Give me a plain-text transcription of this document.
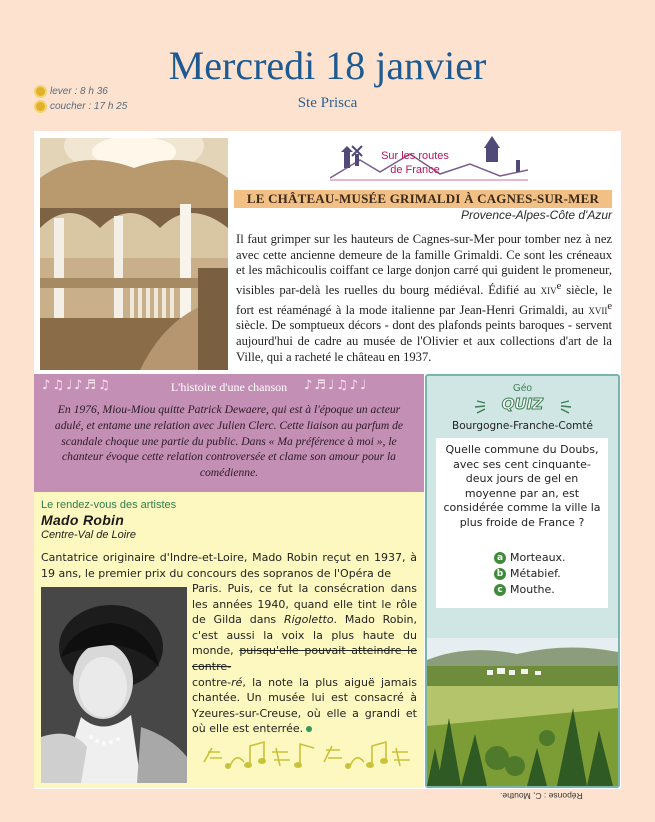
Mercredi 18 janvier
lever : 8 h 36
coucher : 17 h 25	Ste Prisca
Sur les routes
de France
LE CHÂTEAU-MUSÉE GRIMALDI À CAGNES-SUR-MER
Provence-Alpes-Côte d'Azur
Il faut grimper sur les hauteurs de Cagnes-sur-Mer pour tomber nez à nez avec cette ancienne demeure de la famille Grimaldi. Ce sont les créneaux et les mâchicoulis coiffant ce large donjon carré qui guident le promeneur, visibles par-delà les ruelles du bourg médiéval. Édifié au xiv$^e$ siècle, le fort est réaménagé à la mode italienne par Jean-Henri Grimaldi, au xvii$^e$ siècle. De somptueux décors - dont des plafonds peints baroques - servent aujourd'hui de cadre au musée de l'Olivier et aux collections d'art de la Ville, qui a racheté le château en 1937.
♪♫♩♪♬♫	L'histoire d'une chanson	♪♬♩♫♪♩
En 1976, Miou-Miou quitte Patrick Dewaere, qui est à l'époque un acteur adulé, et entame une relation avec Julien Clerc. Cette liaison au parfum de scandale choque une partie du public. Dans « Ma préférence à moi », le chanteur évoque cette relation controversée et clame son amour pour la comédienne.
Le rendez-vous des artistes
Mado Robin
Centre-Val de Loire
Cantatrice originaire d'Indre-et-Loire, Mado Robin reçut en 1937, à 19 ans, le premier prix du concours des sopranos de l'Opéra de
Paris. Puis, ce fut la consécration dans les années 1940, quand elle tint le rôle de Gilda dans Rigoletto. Mado Robin, c'est aussi la voix la plus haute du monde, puisqu'elle pouvait atteindre le contre-
contre-ré, la note la plus aiguë jamais chantée. Un musée lui est consacré à Yzeures-sur-Creuse, où elle a grandi et où elle est enterrée.
Géo
QUIZ
Bourgogne-Franche-Comté
Quelle commune du Doubs, avec ses cent cinquante-deux jours de gel en moyenne par an, est considérée comme la ville la plus froide de France ?
a Morteaux.
b Métabief.
c Mouthe.
Réponse : C, Mouthe.
